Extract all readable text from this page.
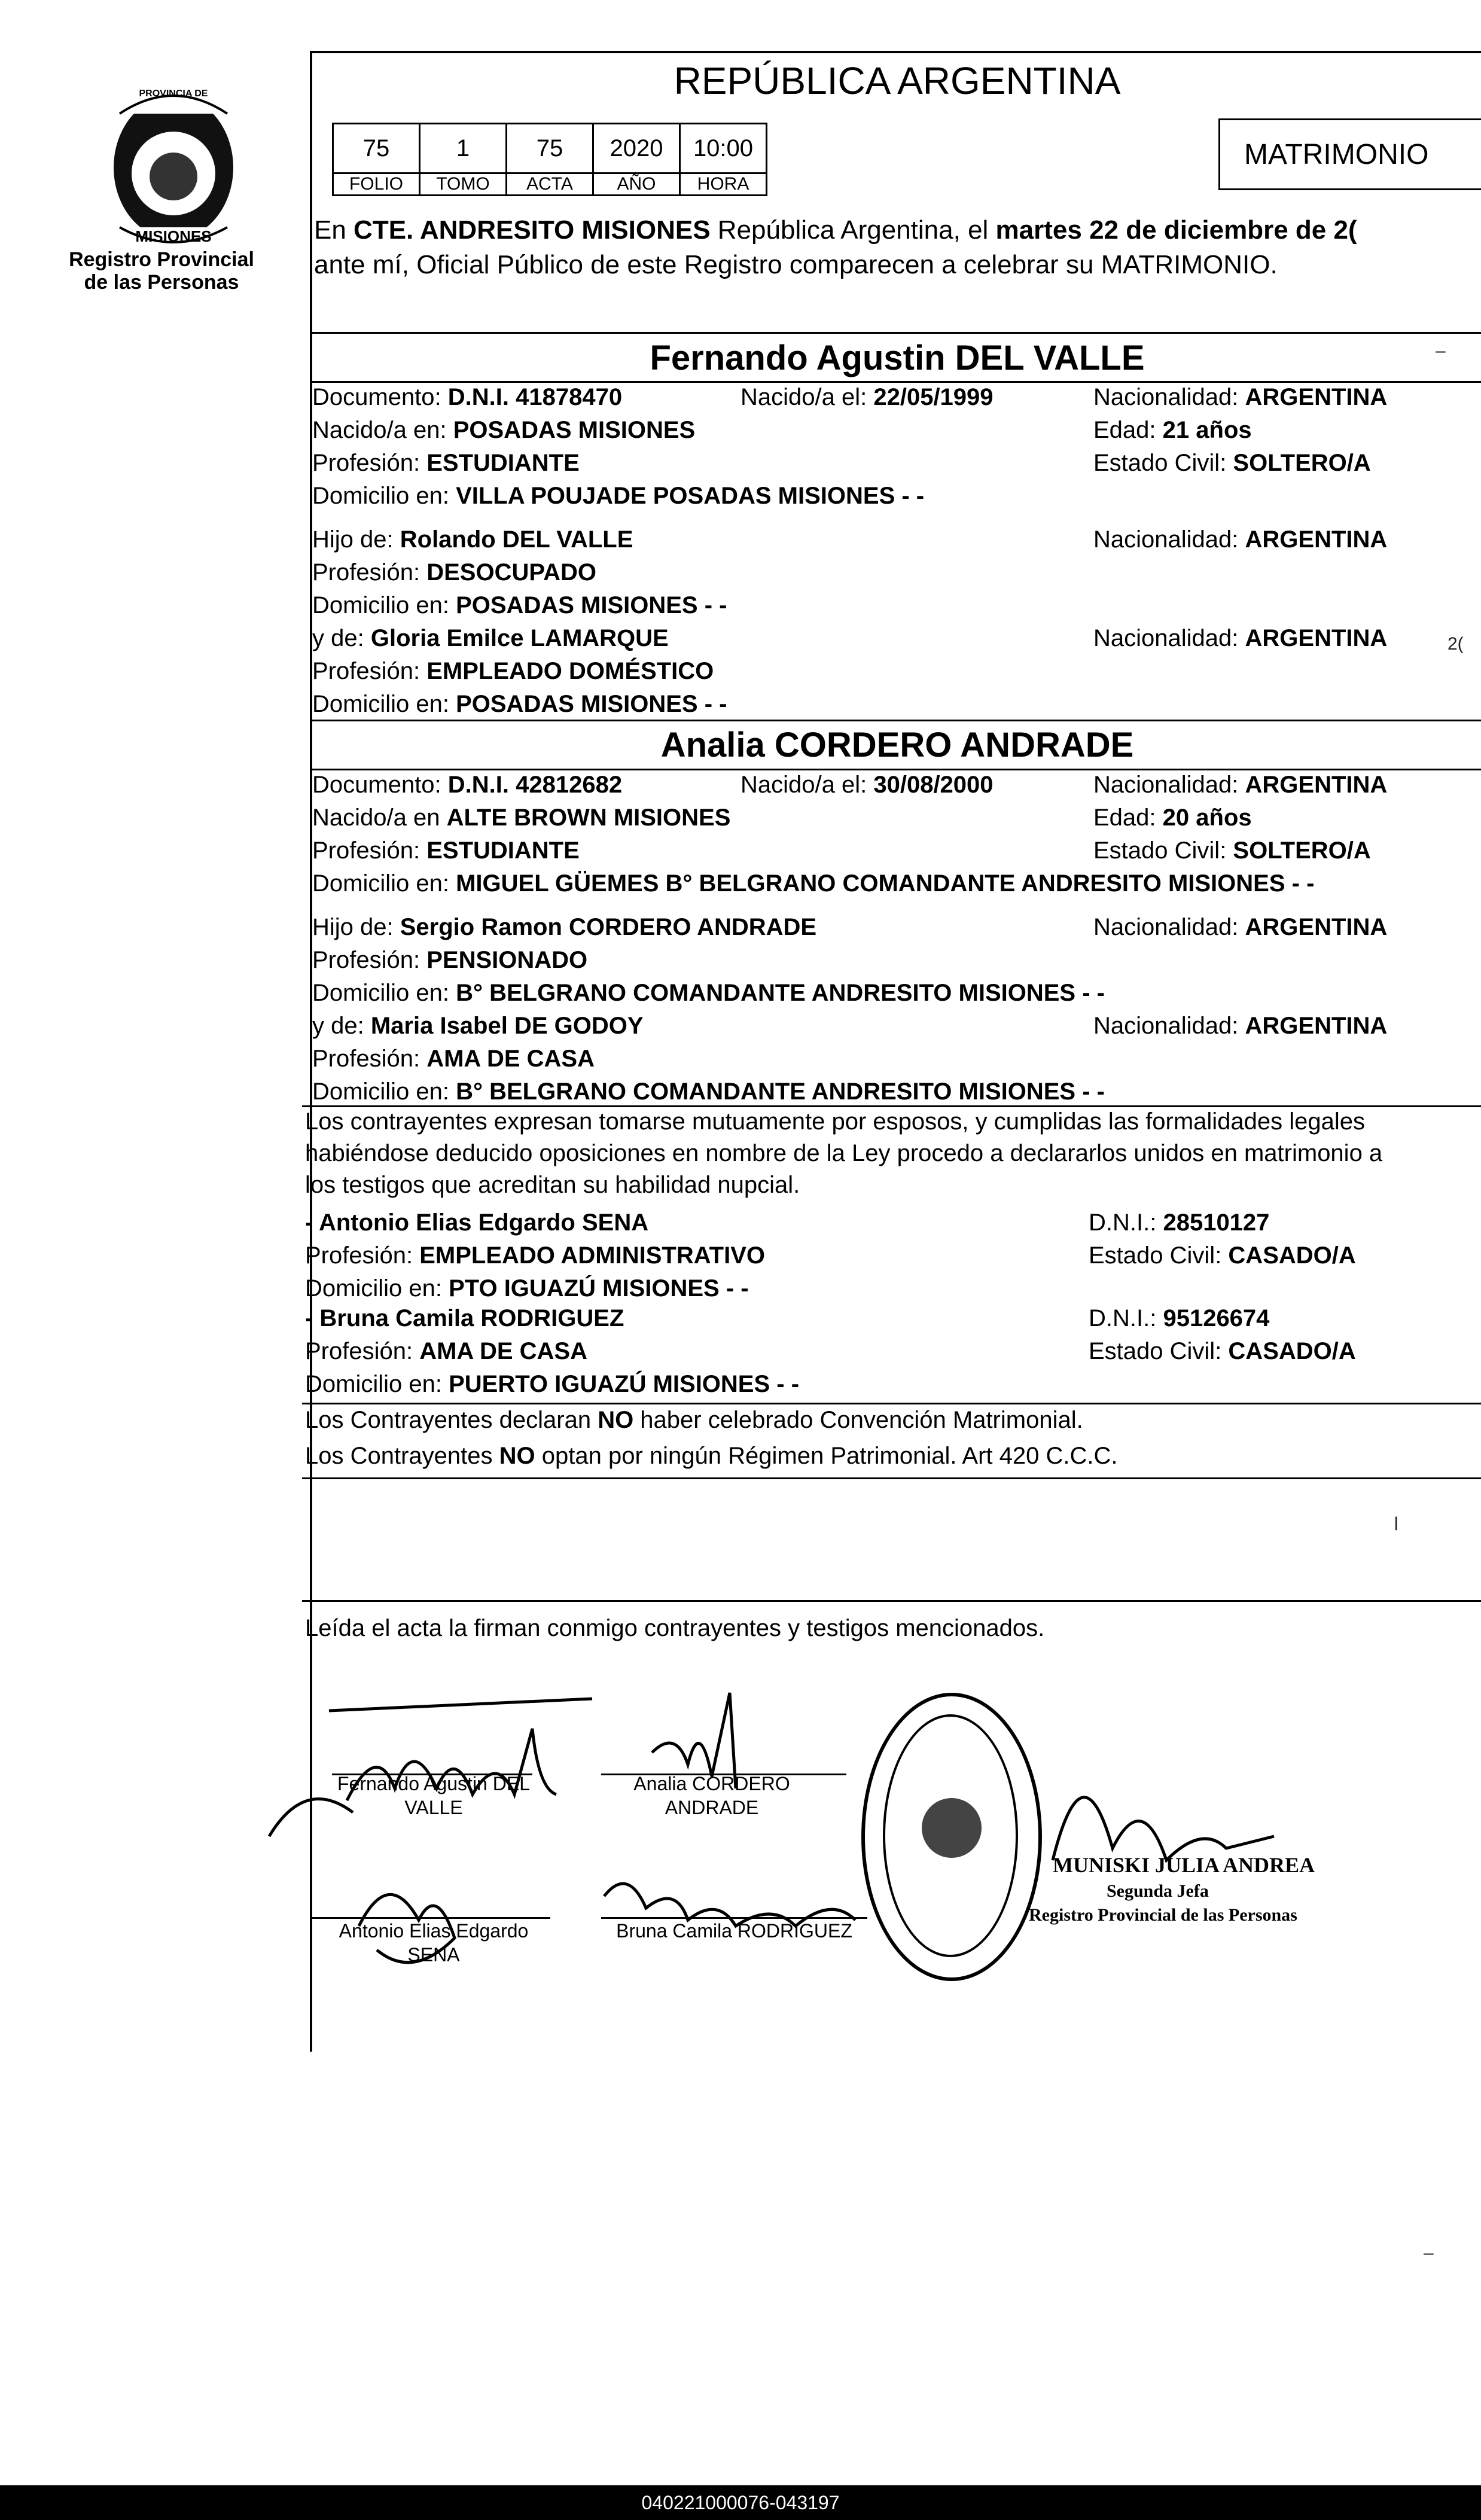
PROVINCIA DE
MISIONES
Registro Provincial
de las Personas
REPÚBLICA ARGENTINA
75	1	75	2020	10:00
FOLIO	TOMO	ACTA	AÑO	HORA
MATRIMONIO
En CTE. ANDRESITO MISIONES República Argentina, el martes 22 de diciembre de 2(
ante mí, Oficial Público de este Registro comparecen a celebrar su MATRIMONIO.
Fernando Agustin DEL VALLE
Documento: D.N.I. 41878470	Nacido/a el: 22/05/1999	Nacionalidad: ARGENTINA
Nacido/a en: POSADAS MISIONES	Edad: 21 años
Profesión: ESTUDIANTE	Estado Civil: SOLTERO/A
Domicilio en: VILLA POUJADE POSADAS MISIONES - -
Hijo de: Rolando DEL VALLE	Nacionalidad: ARGENTINA
Profesión: DESOCUPADO
Domicilio en: POSADAS MISIONES - -
y de: Gloria Emilce LAMARQUE	Nacionalidad: ARGENTINA
Profesión: EMPLEADO DOMÉSTICO
Domicilio en: POSADAS MISIONES - -
Analia CORDERO ANDRADE
Documento: D.N.I. 42812682	Nacido/a el: 30/08/2000	Nacionalidad: ARGENTINA
Nacido/a en ALTE BROWN MISIONES	Edad: 20 años
Profesión: ESTUDIANTE	Estado Civil: SOLTERO/A
Domicilio en: MIGUEL GÜEMES B° BELGRANO COMANDANTE ANDRESITO MISIONES - -
Hijo de: Sergio Ramon CORDERO ANDRADE	Nacionalidad: ARGENTINA
Profesión: PENSIONADO
Domicilio en: B° BELGRANO COMANDANTE ANDRESITO MISIONES - -
y de: Maria Isabel DE GODOY	Nacionalidad: ARGENTINA
Profesión: AMA DE CASA
Domicilio en: B° BELGRANO COMANDANTE ANDRESITO MISIONES - -
Los contrayentes expresan tomarse mutuamente por esposos, y cumplidas las formalidades legales
habiéndose deducido oposiciones en nombre de la Ley procedo a declararlos unidos en matrimonio a
los testigos que acreditan su habilidad nupcial.
- Antonio Elias Edgardo SENA	D.N.I.: 28510127
Profesión: EMPLEADO ADMINISTRATIVO	Estado Civil: CASADO/A
Domicilio en: PTO IGUAZÚ MISIONES - -
- Bruna Camila RODRIGUEZ	D.N.I.: 95126674
Profesión: AMA DE CASA	Estado Civil: CASADO/A
Domicilio en: PUERTO IGUAZÚ MISIONES - -
Los Contrayentes declaran NO haber celebrado Convención Matrimonial.
Los Contrayentes NO optan por ningún Régimen Patrimonial. Art 420 C.C.C.
Leída el acta la firman conmigo contrayentes y testigos mencionados.
Fernando Agustin DEL VALLE
Analia CORDERO
ANDRADE
Antonio Elias Edgardo
SENA
Bruna Camila RODRIGUEZ
MUNISKI JULIA ANDREA
Segunda Jefa
Registro Provincial de las Personas
–
2(
ꞁ
–
040221000076-043197
